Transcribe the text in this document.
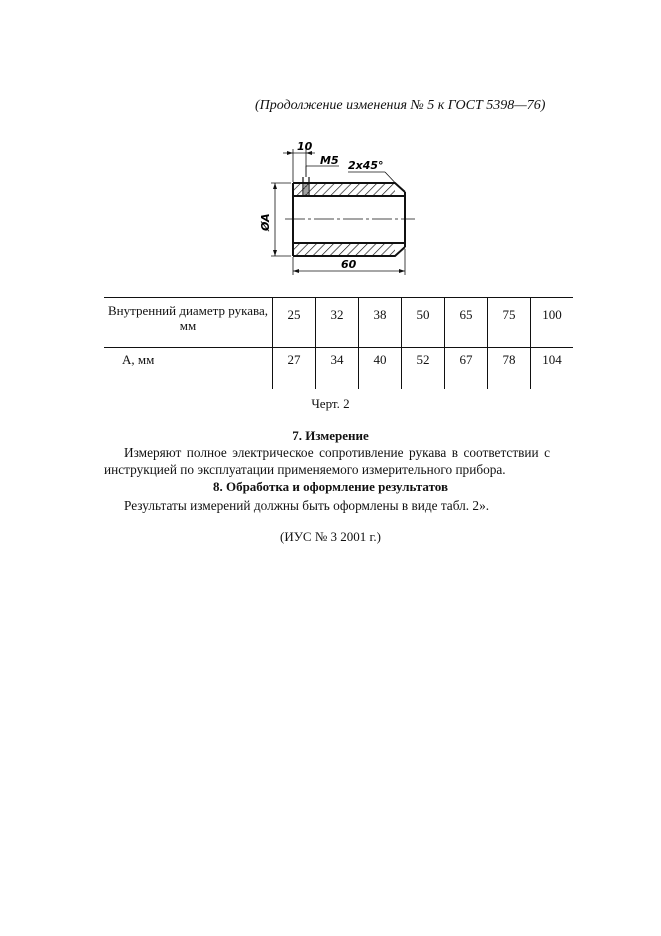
(Продолжение изменения № 5 к ГОСТ 5398—76)
10
M5 2x45°
ØA
60
Внутренний диаметр рукава, мм	25	32	38	50	65	75	100
А, мм	27	34	40	52	67	78	104
Черт. 2
7. Измерение
Измеряют полное электрическое сопротивление рукава в соответствии с инструкцией по эксплуатации применяемого измерительного прибора.
8. Обработка и оформление результатов
Результаты измерений должны быть оформлены в виде табл. 2».
(ИУС № 3 2001 г.)
